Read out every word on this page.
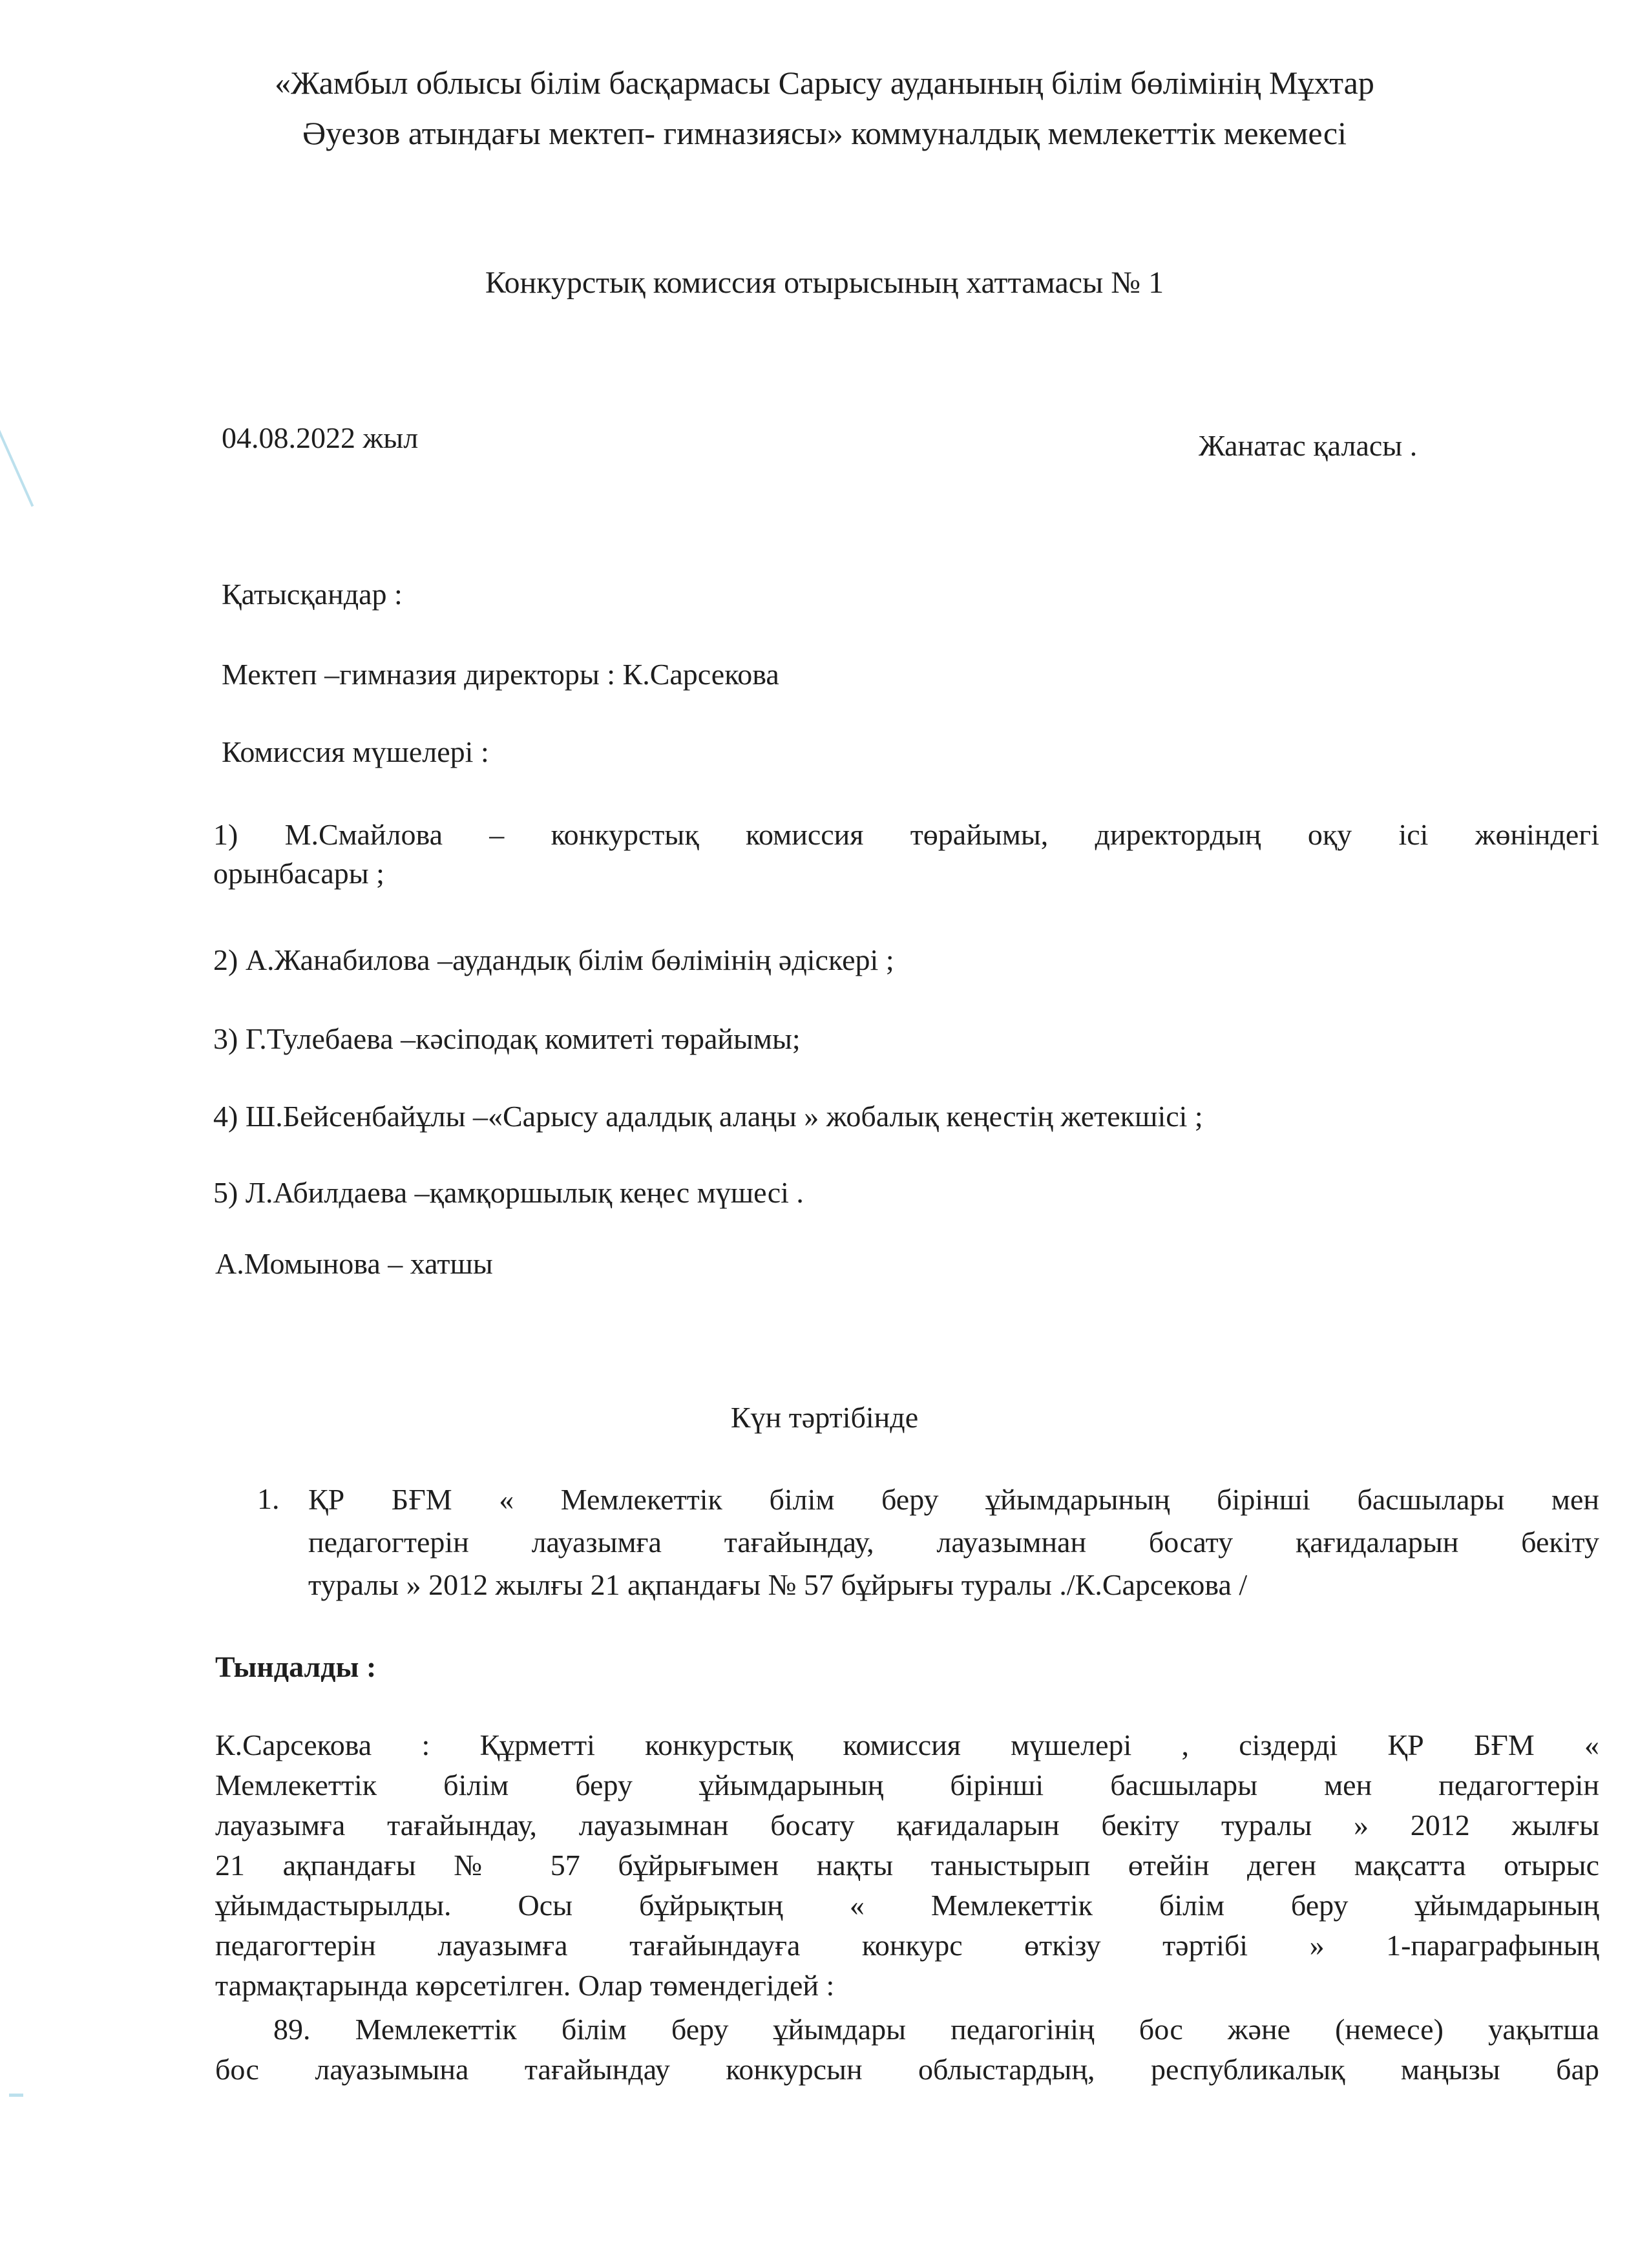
«Жамбыл облысы білім басқармасы Сарысу ауданының білім бөлімінің Мұхтар
Әуезов атындағы мектеп- гимназиясы» коммуналдық мемлекеттік мекемесі
Конкурстық комиссия отырысының хаттамасы № 1
04.08.2022 жыл	Жанатас қаласы .
Қатысқандар :
Мектеп –гимназия директоры : К.Сарсекова
Комиссия мүшелері :
1) М.Смайлова – конкурстық комиссия төрайымы, директордың оқу ісі жөніндегі
орынбасары ;
2) А.Жанабилова –аудандық білім бөлімінің әдіскері ;
3) Г.Тулебаева –кәсіподақ комитеті төрайымы;
4) Ш.Бейсенбайұлы –«Сарысу адалдық алаңы » жобалық кеңестің жетекшісі ;
5) Л.Абилдаева –қамқоршылық кеңес мүшесі .
А.Момынова – хатшы
Күн тәртібінде
1. ҚР БҒМ « Мемлекеттік білім беру ұйымдарының бірінші басшылары мен
педагогтерін лауазымға тағайындау, лауазымнан босату қағидаларын бекіту
туралы » 2012 жылғы 21 ақпандағы № 57 бұйрығы туралы ./К.Сарсекова /
Тындалды :
К.Сарсекова : Құрметті конкурстық комиссия мүшелері , сіздерді ҚР БҒМ «
Мемлекеттік білім беру ұйымдарының бірінші басшылары мен педагогтерін
лауазымға тағайындау, лауазымнан босату қағидаларын бекіту туралы » 2012 жылғы
21 ақпандағы № 57 бұйрығымен нақты таныстырып өтейін деген мақсатта отырыс
ұйымдастырылды. Осы бұйрықтың « Мемлекеттік білім беру ұйымдарының
педагогтерін лауазымға тағайындауға конкурс өткізу тәртібі » 1-параграфының
тармақтарында көрсетілген. Олар төмендегідей :
89. Мемлекеттік білім беру ұйымдары педагогінің бос және (немесе) уақытша
бос лауазымына тағайындау конкурсын облыстардың, республикалық маңызы бар
